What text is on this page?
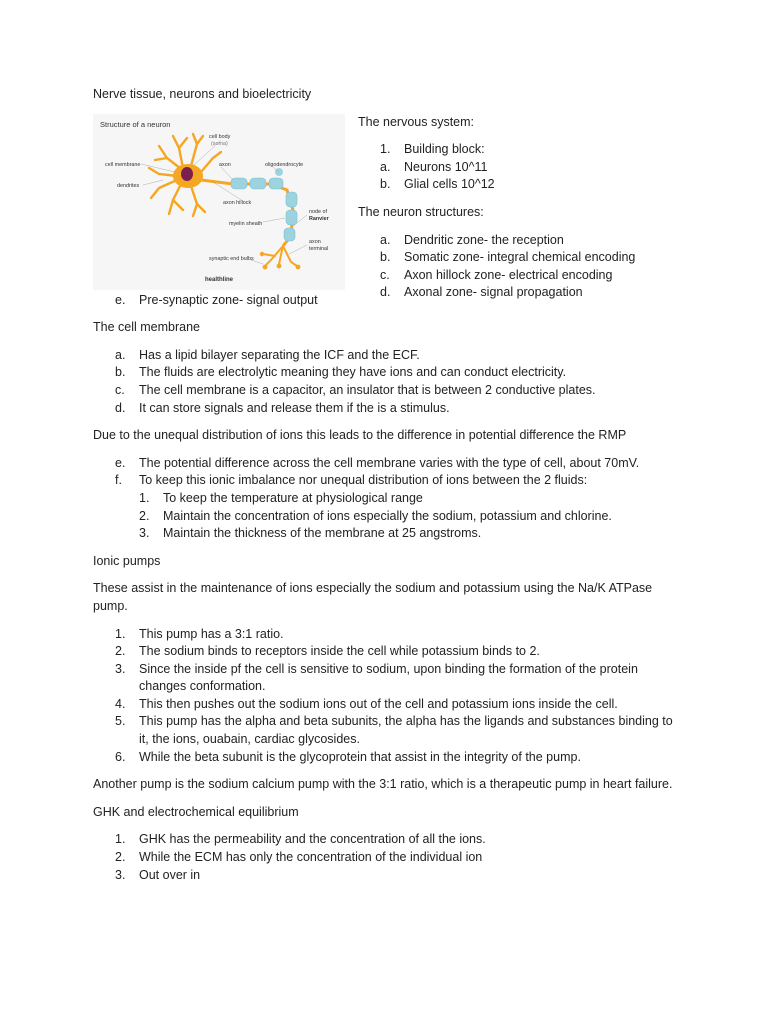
Nerve tissue, neurons and bioelectricity

Structure of a neuron
cell body
(soma)
cell membrane	axon	oligodendrocyte
dendrites
axon hillock
node of
Ranvier
myelin sheath
axon
terminal
synaptic end bulbs
healthline

The nervous system:

1. Building block:
a. Neurons 10^11
b. Glial cells 10^12

The neuron structures:

a. Dendritic zone- the reception
b. Somatic zone- integral chemical encoding
c. Axon hillock zone- electrical encoding
d. Axonal zone- signal propagation
e. Pre-synaptic zone- signal output

The cell membrane

a. Has a lipid bilayer separating the ICF and the ECF.
b. The fluids are electrolytic meaning they have ions and can conduct electricity.
c. The cell membrane is a capacitor, an insulator that is between 2 conductive plates.
d. It can store signals and release them if the is a stimulus.

Due to the unequal distribution of ions this leads to the difference in potential difference the RMP

e. The potential difference across the cell membrane varies with the type of cell, about 70mV.
f. To keep this ionic imbalance nor unequal distribution of ions between the 2 fluids:
1. To keep the temperature at physiological range
2. Maintain the concentration of ions especially the sodium, potassium and chlorine.
3. Maintain the thickness of the membrane at 25 angstroms.

Ionic pumps

These assist in the maintenance of ions especially the sodium and potassium using the Na/K ATPase pump.

1. This pump has a 3:1 ratio.
2. The sodium binds to receptors inside the cell while potassium binds to 2.
3. Since the inside pf the cell is sensitive to sodium, upon binding the formation of the protein changes conformation.
4. This then pushes out the sodium ions out of the cell and potassium ions inside the cell.
5. This pump has the alpha and beta subunits, the alpha has the ligands and substances binding to it, the ions, ouabain, cardiac glycosides.
6. While the beta subunit is the glycoprotein that assist in the integrity of the pump.

Another pump is the sodium calcium pump with the 3:1 ratio, which is a therapeutic pump in heart failure.

GHK and electrochemical equilibrium

1. GHK has the permeability and the concentration of all the ions.
2. While the ECM has only the concentration of the individual ion
3. Out over in
